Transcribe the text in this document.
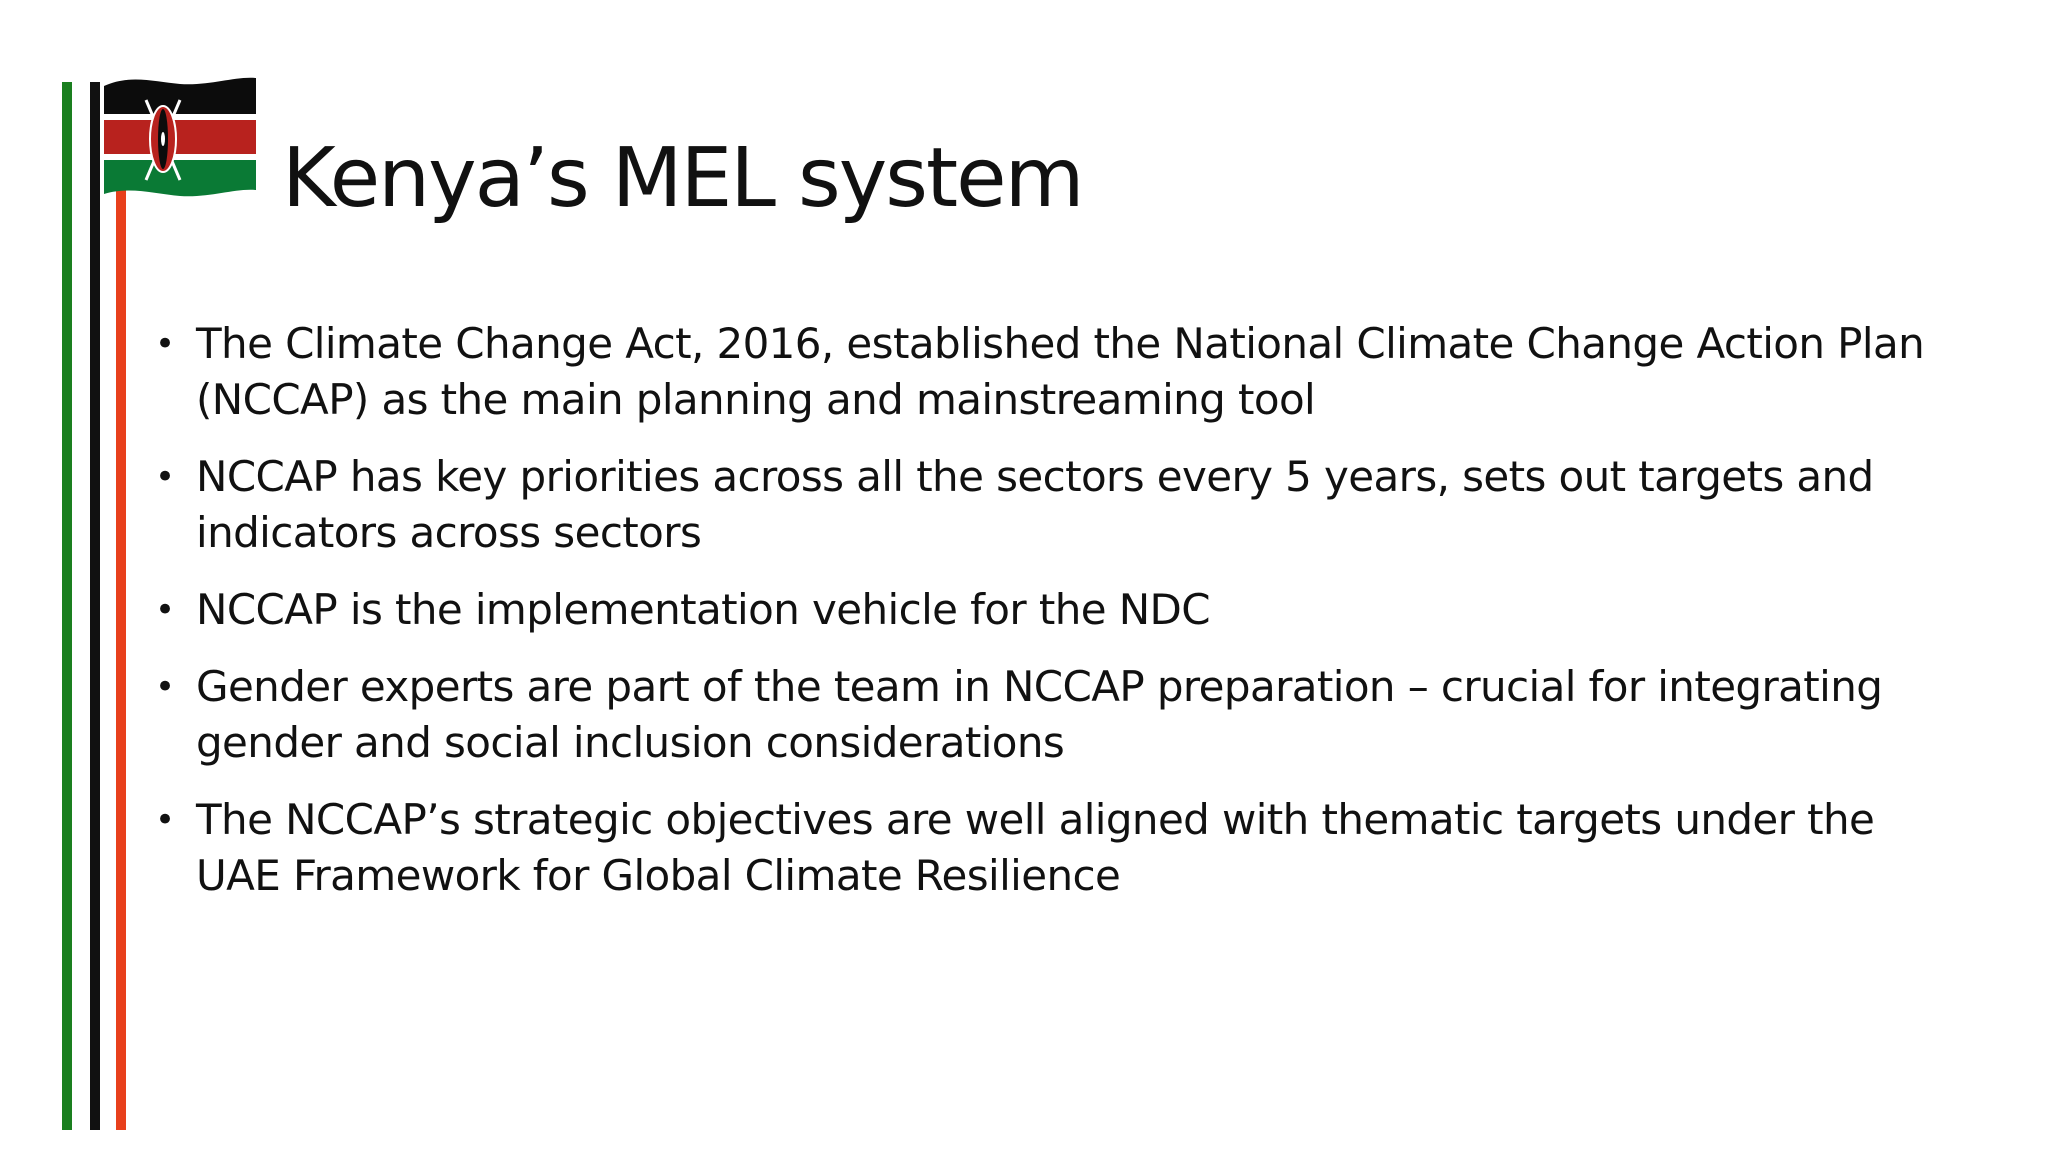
Kenya’s MEL system
• The Climate Change Act, 2016, established the National Climate Change Action Plan (NCCAP) as the main planning and mainstreaming tool
• NCCAP has key priorities across all the sectors every 5 years, sets out targets and indicators across sectors
• NCCAP is the implementation vehicle for the NDC
• Gender experts are part of the team in NCCAP preparation – crucial for integrating gender and social inclusion considerations
• The NCCAP’s strategic objectives are well aligned with thematic targets under the UAE Framework for Global Climate Resilience
